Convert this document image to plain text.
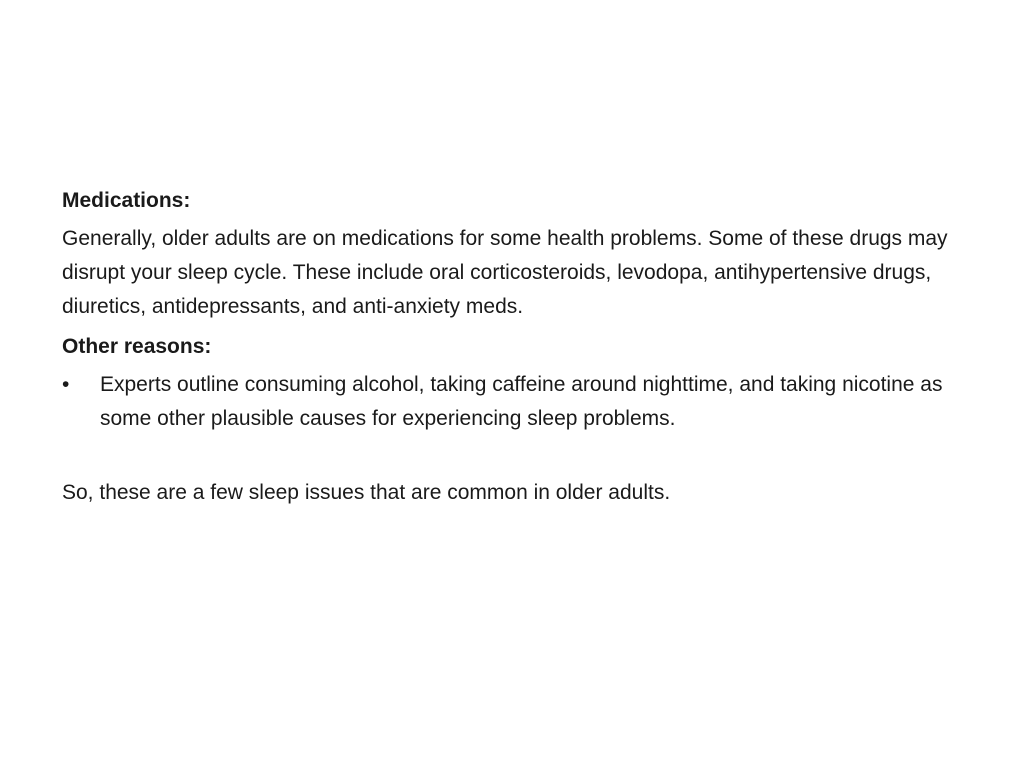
Medications:
Generally, older adults are on medications for some health problems. Some of these drugs may disrupt your sleep cycle. These include oral corticosteroids, levodopa, antihypertensive drugs, diuretics, antidepressants, and anti-anxiety meds.
Other reasons:
•	Experts outline consuming alcohol, taking caffeine around nighttime, and taking nicotine as some other plausible causes for experiencing sleep problems.
So, these are a few sleep issues that are common in older adults.
